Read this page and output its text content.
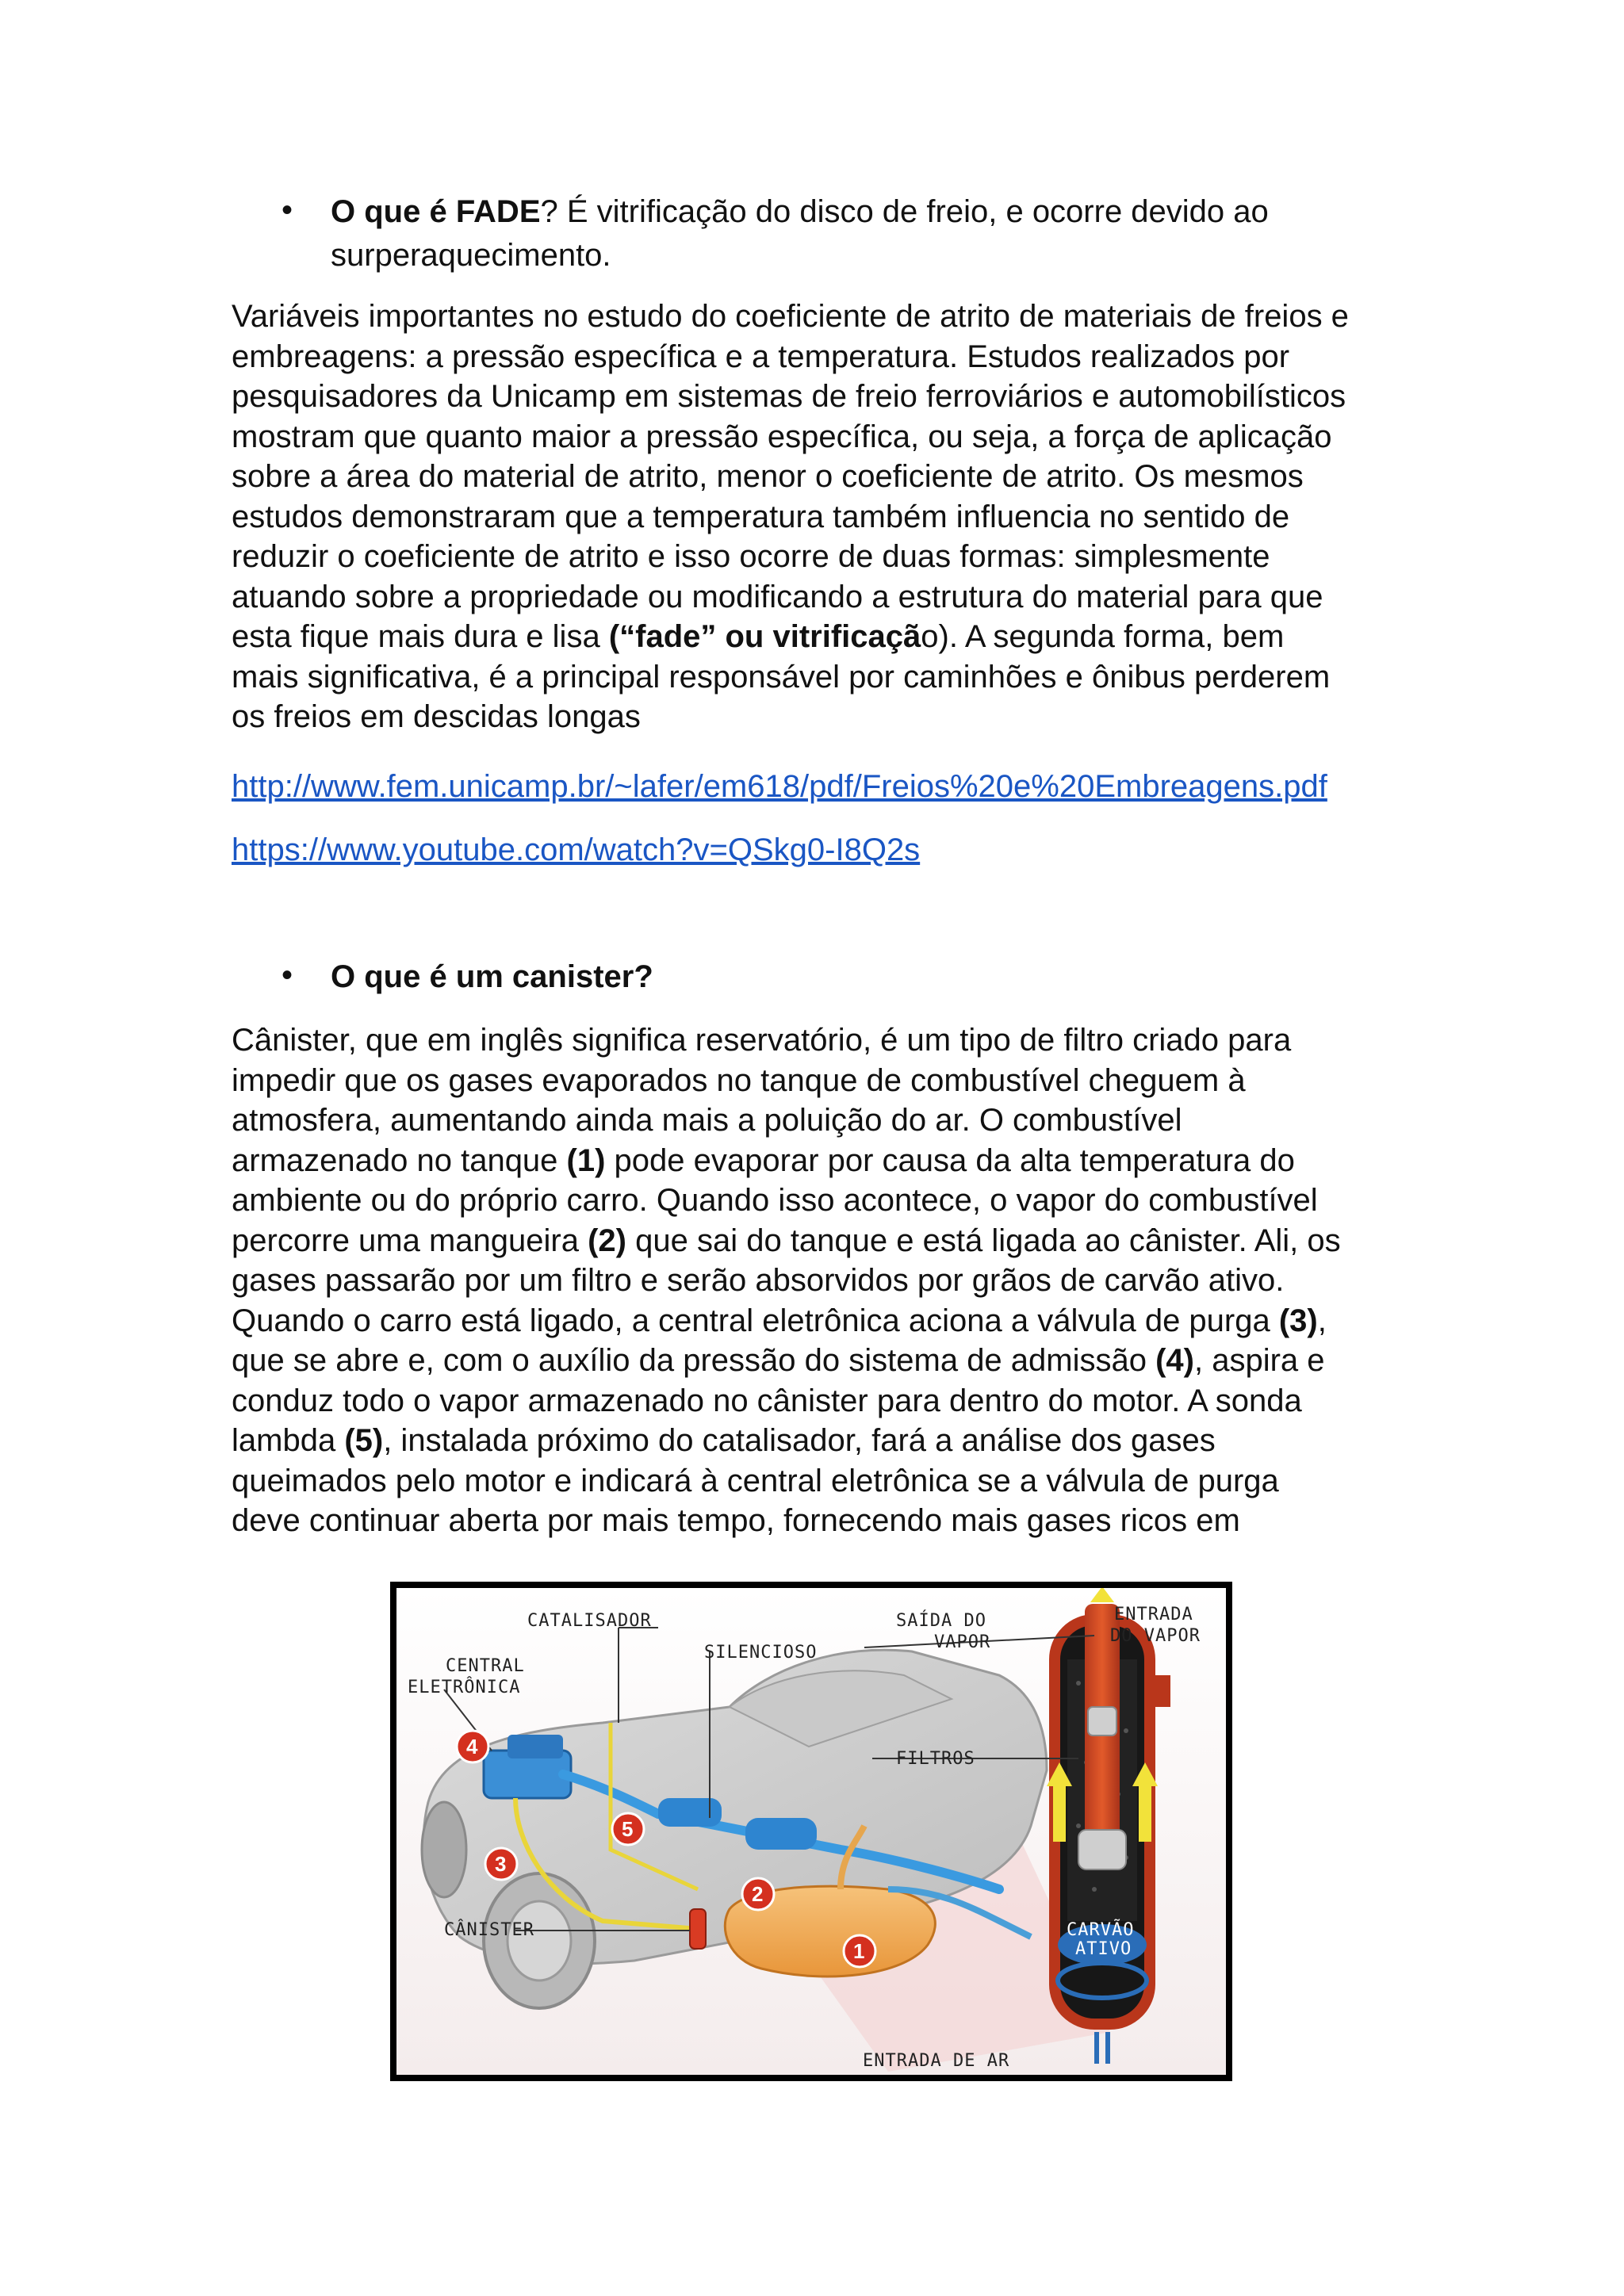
• O que é FADE? É vitrificação do disco de freio, e ocorre devido ao
surperaquecimento.
Variáveis importantes no estudo do coeficiente de atrito de materiais de freios e
embreagens: a pressão específica e a temperatura. Estudos realizados por
pesquisadores da Unicamp em sistemas de freio ferroviários e automobilísticos
mostram que quanto maior a pressão específica, ou seja, a força de aplicação
sobre a área do material de atrito, menor o coeficiente de atrito. Os mesmos
estudos demonstraram que a temperatura também influencia no sentido de
reduzir o coeficiente de atrito e isso ocorre de duas formas: simplesmente
atuando sobre a propriedade ou modificando a estrutura do material para que
esta fique mais dura e lisa (“fade” ou vitrificação). A segunda forma, bem
mais significativa, é a principal responsável por caminhões e ônibus perderem
os freios em descidas longas
http://www.fem.unicamp.br/~lafer/em618/pdf/Freios%20e%20Embreagens.pdf
https://www.youtube.com/watch?v=QSkg0-I8Q2s
• O que é um canister?
Cânister, que em inglês significa reservatório, é um tipo de filtro criado para
impedir que os gases evaporados no tanque de combustível cheguem à
atmosfera, aumentando ainda mais a poluição do ar. O combustível
armazenado no tanque (1) pode evaporar por causa da alta temperatura do
ambiente ou do próprio carro. Quando isso acontece, o vapor do combustível
percorre uma mangueira (2) que sai do tanque e está ligada ao cânister. Ali, os
gases passarão por um filtro e serão absorvidos por grãos de carvão ativo.
Quando o carro está ligado, a central eletrônica aciona a válvula de purga (3),
que se abre e, com o auxílio da pressão do sistema de admissão (4), aspira e
conduz todo o vapor armazenado no cânister para dentro do motor. A sonda
lambda (5), instalada próximo do catalisador, fará a análise dos gases
queimados pelo motor e indicará à central eletrônica se a válvula de purga
deve continuar aberta por mais tempo, fornecendo mais gases ricos em
CATALISADOR
CENTRAL
ELETRÔNICA
SILENCIOSO
SAÍDA DO
VAPOR
ENTRADA
DO VAPOR
FILTROS
CÂNISTER	CARVÃO
ATIVO
ENTRADA DE AR
1
2
3
4
5
